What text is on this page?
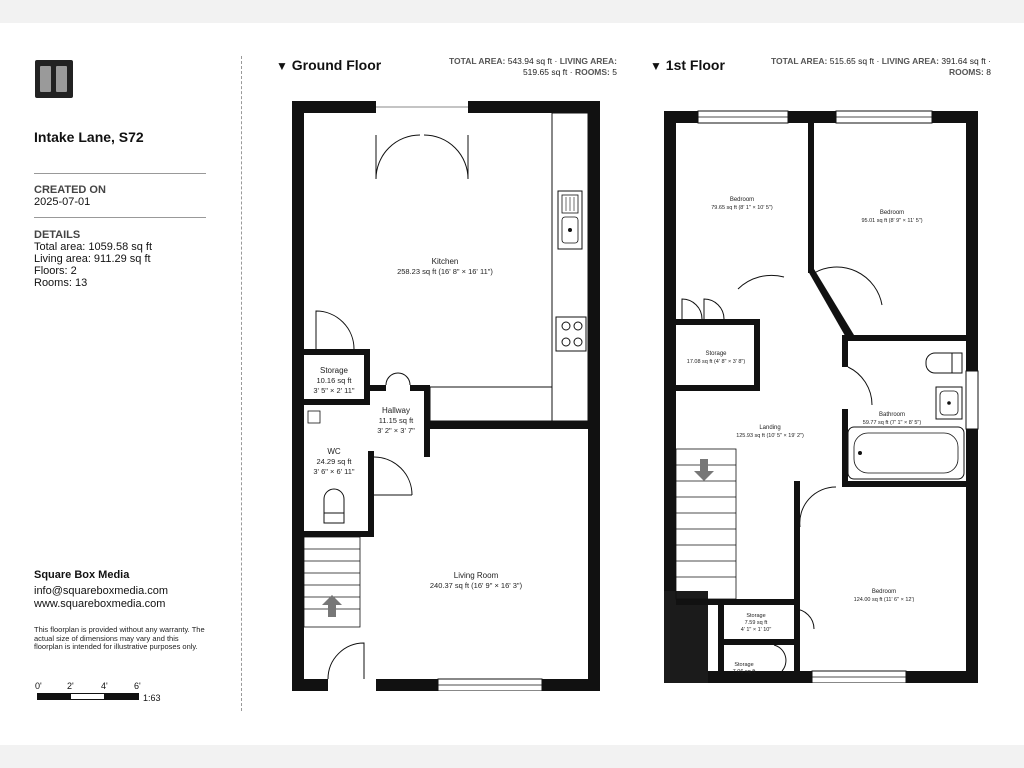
Intake Lane, S72
CREATED ON
2025-07-01
DETAILS
Total area: 1059.58 sq ft
Living area: 911.29 sq ft
Floors: 2
Rooms: 13
Square Box Media
info@squareboxmedia.com
www.squareboxmedia.com
This floorplan is provided without any warranty. The actual size of dimensions may vary and this floorplan is intended for illustrative purposes only.
0'	2'	4'	6'
1:63
▼ Ground Floor	TOTAL AREA: 543.94 sq ft · LIVING AREA:
519.65 sq ft · ROOMS: 5	▼ 1st Floor	TOTAL AREA: 515.65 sq ft · LIVING AREA: 391.64 sq ft ·
ROOMS: 8
Kitchen
258.23 sq ft (16' 8" × 16' 11")
Storage
10.16 sq ft
3' 5" × 2' 11"
Hallway
11.15 sq ft
3' 2" × 3' 7"
WC
24.29 sq ft
3' 6" × 6' 11"
Living Room
240.37 sq ft (16' 9" × 16' 3")
Bedroom
79.65 sq ft (8' 1" × 10' 5")
Bedroom
95.01 sq ft (8' 9" × 11' 5")
Storage
17.08 sq ft (4' 8" × 3' 8")
Bathroom
59.77 sq ft (7' 1" × 8' 5")
Landing
125.93 sq ft (10' 5" × 19' 2")
Bedroom
124.00 sq ft (11' 6" × 12')
Storage
7.59 sq ft
4' 1" × 1' 10"
Storage
7.06 sq ft
